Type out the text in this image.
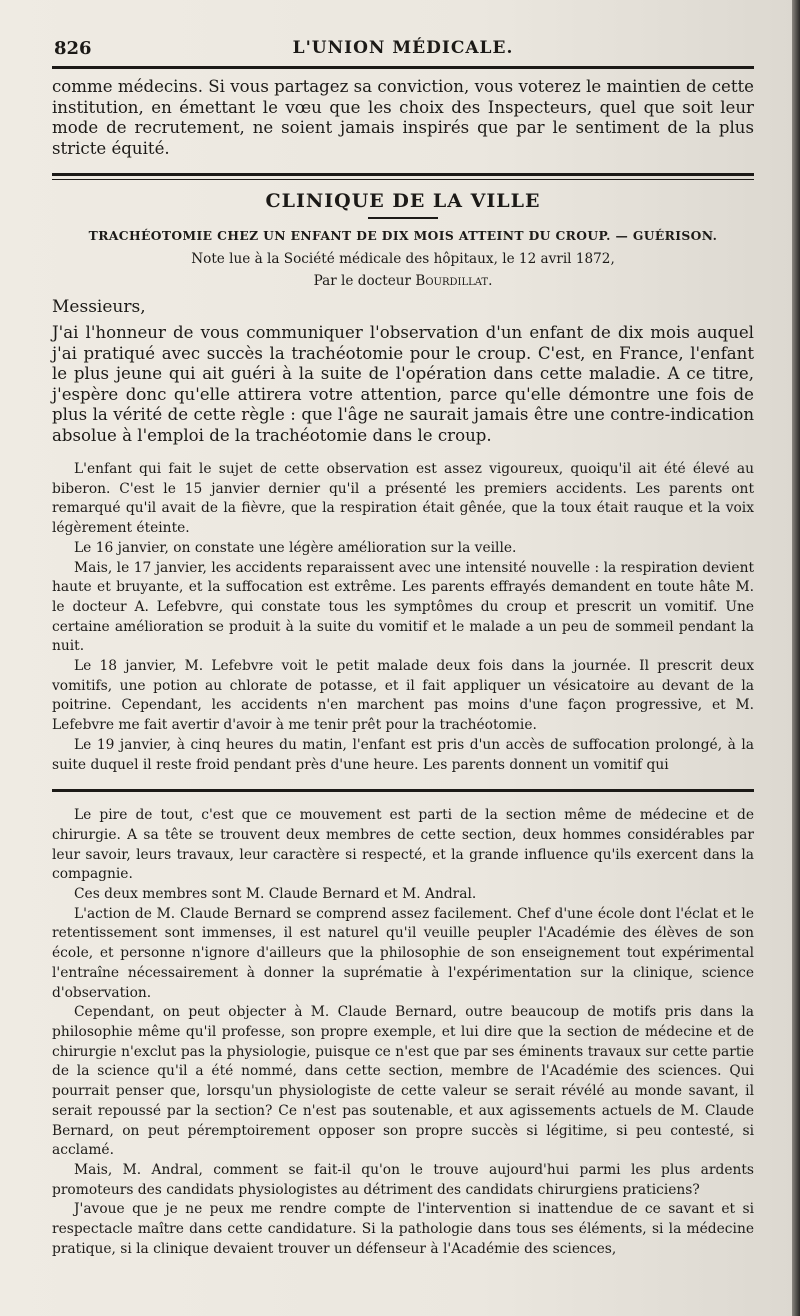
826	L'UNION MÉDICALE.

comme médecins. Si vous partagez sa conviction, vous voterez le maintien de cette institution, en émettant le vœu que les choix des Inspecteurs, quel que soit leur mode de recrutement, ne soient jamais inspirés que par le sentiment de la plus stricte équité.

CLINIQUE DE LA VILLE
TRACHÉOTOMIE CHEZ UN ENFANT DE DIX MOIS ATTEINT DU CROUP. — GUÉRISON.
Note lue à la Société médicale des hôpitaux, le 12 avril 1872,
Par le docteur Bourdillat.

Messieurs,

J'ai l'honneur de vous communiquer l'observation d'un enfant de dix mois auquel j'ai pratiqué avec succès la trachéotomie pour le croup. C'est, en France, l'enfant le plus jeune qui ait guéri à la suite de l'opération dans cette maladie. A ce titre, j'espère donc qu'elle attirera votre attention, parce qu'elle démontre une fois de plus la vérité de cette règle : que l'âge ne saurait jamais être une contre-indication absolue à l'emploi de la trachéotomie dans le croup.

L'enfant qui fait le sujet de cette observation est assez vigoureux, quoiqu'il ait été élevé au biberon. C'est le 15 janvier dernier qu'il a présenté les premiers accidents. Les parents ont remarqué qu'il avait de la fièvre, que la respiration était gênée, que la toux était rauque et la voix légèrement éteinte.

Le 16 janvier, on constate une légère amélioration sur la veille.

Mais, le 17 janvier, les accidents reparaissent avec une intensité nouvelle : la respiration devient haute et bruyante, et la suffocation est extrême. Les parents effrayés demandent en toute hâte M. le docteur A. Lefebvre, qui constate tous les symptômes du croup et prescrit un vomitif. Une certaine amélioration se produit à la suite du vomitif et le malade a un peu de sommeil pendant la nuit.

Le 18 janvier, M. Lefebvre voit le petit malade deux fois dans la journée. Il prescrit deux vomitifs, une potion au chlorate de potasse, et il fait appliquer un vésicatoire au devant de la poitrine. Cependant, les accidents n'en marchent pas moins d'une façon progressive, et M. Lefebvre me fait avertir d'avoir à me tenir prêt pour la trachéotomie.

Le 19 janvier, à cinq heures du matin, l'enfant est pris d'un accès de suffocation prolongé, à la suite duquel il reste froid pendant près d'une heure. Les parents donnent un vomitif qui

Le pire de tout, c'est que ce mouvement est parti de la section même de médecine et de chirurgie. A sa tête se trouvent deux membres de cette section, deux hommes considérables par leur savoir, leurs travaux, leur caractère si respecté, et la grande influence qu'ils exercent dans la compagnie.

Ces deux membres sont M. Claude Bernard et M. Andral.

L'action de M. Claude Bernard se comprend assez facilement. Chef d'une école dont l'éclat et le retentissement sont immenses, il est naturel qu'il veuille peupler l'Académie des élèves de son école, et personne n'ignore d'ailleurs que la philosophie de son enseignement tout expérimental l'entraîne nécessairement à donner la suprématie à l'expérimentation sur la clinique, science d'observation.

Cependant, on peut objecter à M. Claude Bernard, outre beaucoup de motifs pris dans la philosophie même qu'il professe, son propre exemple, et lui dire que la section de médecine et de chirurgie n'exclut pas la physiologie, puisque ce n'est que par ses éminents travaux sur cette partie de la science qu'il a été nommé, dans cette section, membre de l'Académie des sciences. Qui pourrait penser que, lorsqu'un physiologiste de cette valeur se serait révélé au monde savant, il serait repoussé par la section? Ce n'est pas soutenable, et aux agissements actuels de M. Claude Bernard, on peut péremptoirement opposer son propre succès si légitime, si peu contesté, si acclamé.

Mais, M. Andral, comment se fait-il qu'on le trouve aujourd'hui parmi les plus ardents promoteurs des candidats physiologistes au détriment des candidats chirurgiens praticiens?

J'avoue que je ne peux me rendre compte de l'intervention si inattendue de ce savant et si respectacle maître dans cette candidature. Si la pathologie dans tous ses éléments, si la médecine pratique, si la clinique devaient trouver un défenseur à l'Académie des sciences,
